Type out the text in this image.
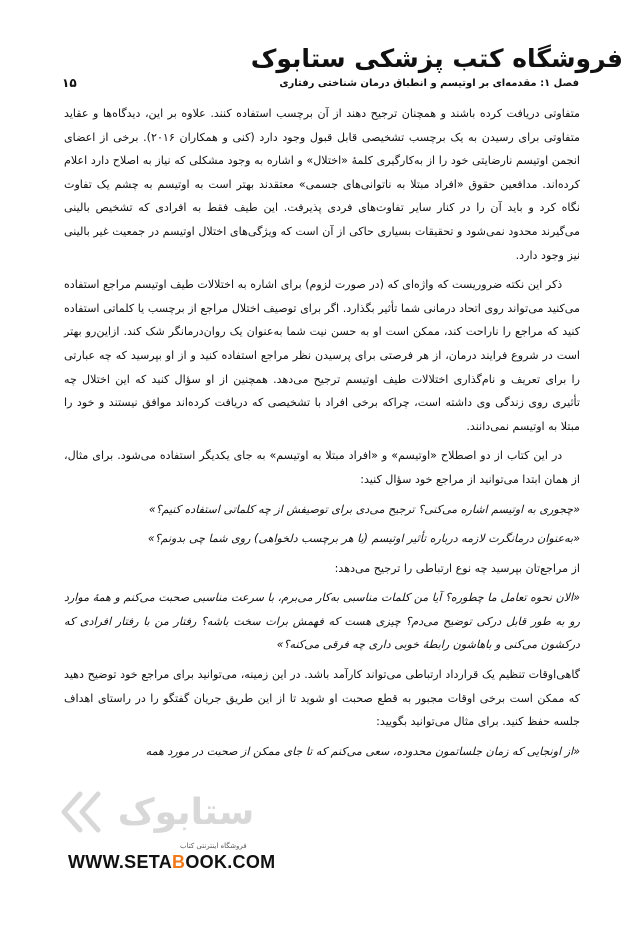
فروشگاه کتب پزشکی ستابوک
فصل ۱: مقدمه‌ای بر اوتیسم و انطباق درمان شناختی رفتاری
۱۵

متفاوتی دریافت کرده باشند و همچنان ترجیح دهند از آن برچسب استفاده کنند. علاوه بر این، دیدگاه‌ها و عقاید متفاوتی برای رسیدن به یک برچسب تشخیصی قابل قبول وجود دارد (کنی و همکاران ۲۰۱۶). برخی از اعضای انجمن اوتیسم نارضایتی خود را از به‌کارگیری کلمهٔ «اختلال» و اشاره به وجود مشکلی که نیاز به اصلاح دارد اعلام کرده‌اند. مدافعین حقوق «افراد مبتلا به ناتوانی‌های جسمی» معتقدند بهتر است به اوتیسم به چشم یک تفاوت نگاه کرد و باید آن را در کنار سایر تفاوت‌های فردی پذیرفت. این طیف فقط به افرادی که تشخیص بالینی می‌گیرند محدود نمی‌شود و تحقیقات بسیاری حاکی از آن است که ویژگی‌های اختلال اوتیسم در جمعیت غیر بالینی نیز وجود دارد.

ذکر این نکته ضروریست که واژه‌ای که (در صورت لزوم) برای اشاره به اختلالات طیف اوتیسم مراجع استفاده می‌کنید می‌تواند روی اتحاد درمانی شما تأثیر بگذارد. اگر برای توصیف اختلال مراجع از برچسب یا کلماتی استفاده کنید که مراجع را ناراحت کند، ممکن است او به حسن نیت شما به‌عنوان یک روان‌درمانگر شک کند. ازاین‌رو بهتر است در شروع فرایند درمان، از هر فرصتی برای پرسیدن نظر مراجع استفاده کنید و از او بپرسید که چه عبارتی را برای تعریف و نام‌گذاری اختلالات طیف اوتیسم ترجیح می‌دهد. همچنین از او سؤال کنید که این اختلال چه تأثیری روی زندگی وی داشته است، چراکه برخی افراد با تشخیصی که دریافت کرده‌اند موافق نیستند و خود را مبتلا به اوتیسم نمی‌دانند.

در این کتاب از دو اصطلاح «اوتیسم» و «افراد مبتلا به اوتیسم» به جای یکدیگر استفاده می‌شود. برای مثال، از همان ابتدا می‌توانید از مراجع خود سؤال کنید:

«چجوری به اوتیسم اشاره می‌کنی؟ ترجیح می‌دی برای توصیفش از چه کلماتی استفاده کنیم؟»

«به‌عنوان درمانگرت لازمه درباره تأثیر اوتیسم (یا هر برچسب دلخواهی) روی شما چی بدونم؟»

از مراجع‌تان بپرسید چه نوع ارتباطی را ترجیح می‌دهد:

«الان نحوه تعامل ما چطوره؟ آیا من کلمات مناسبی به‌کار می‌برم، با سرعت مناسبی صحبت می‌کنم و همهٔ موارد رو به طور قابل درکی توضیح می‌دم؟ چیزی هست که فهمش برات سخت باشه؟ رفتار من با رفتار افرادی که درکشون می‌کنی و باهاشون رابطهٔ خوبی داری چه فرقی می‌کنه؟»

گاهی‌اوقات تنظیم یک قرارداد ارتباطی می‌تواند کارآمد باشد. در این زمینه، می‌توانید برای مراجع خود توضیح دهید که ممکن است برخی اوقات مجبور به قطع صحبت او شوید تا از این طریق جریان گفتگو را در راستای اهداف جلسه حفظ کنید. برای مثال می‌توانید بگویید:

«از اونجایی که زمان جلساتمون محدوده، سعی می‌کنم که تا جای ممکن از صحبت در مورد همه

ستابوک
فروشگاه اینترنتی کتاب

WWW.SETABOOK.COM
